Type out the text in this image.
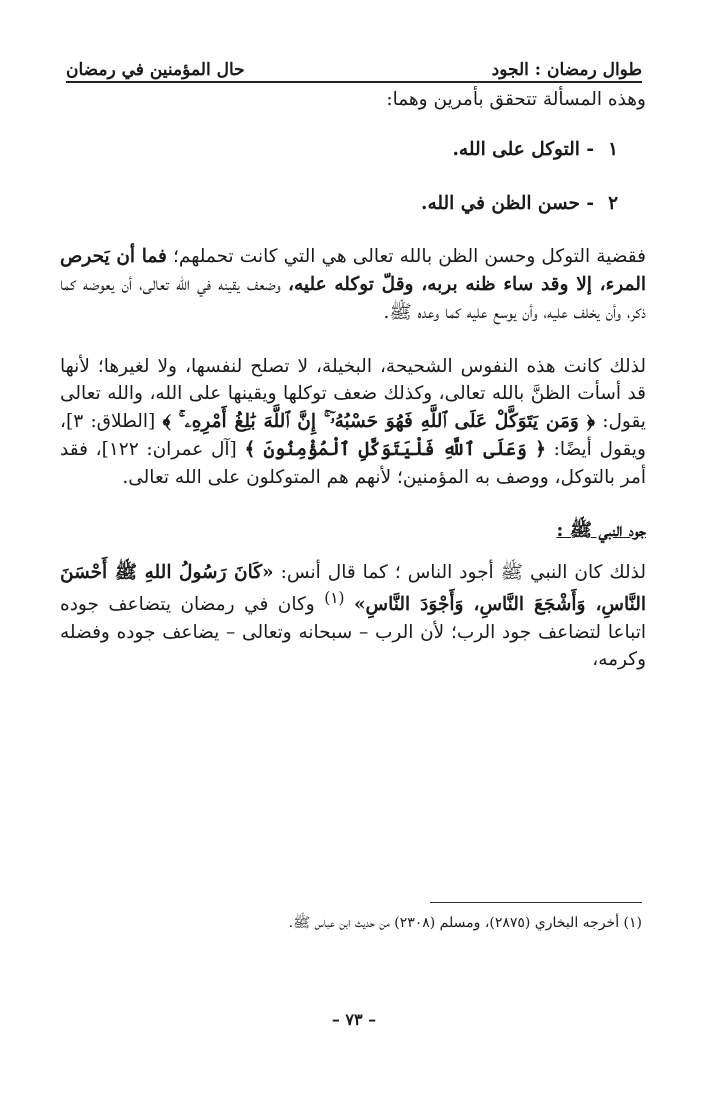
طوال رمضان : الجود
حال المؤمنين في رمضان

وهذه المسألة تتحقق بأمرين وهما:

١
- التوكل على الله.
٢
- حسن الظن في الله.

فقضية التوكل وحسن الظن بالله تعالى هي التي كانت تحملهم؛ فما أن يَحرص المرء، إلا وقد ساء ظنه بربه، وقلّ توكله عليه، وضعف يقينه في الله تعالى، أن يعوضه كما ذكر، وأن يخلف عليه، وأن يوسع عليه كما وعده ﷺ.

لذلك كانت هذه النفوس الشحيحة، البخيلة، لا تصلح لنفسها، ولا لغيرها؛ لأنها قد أسأت الظنَّ بالله تعالى، وكذلك ضعف توكلها ويقينها على الله، والله تعالى يقول: ﴿ وَمَن يَتَوَكَّلْ عَلَى ٱللَّهِ فَهُوَ حَسْبُهُۥٓ ۚ إِنَّ ٱللَّهَ بَٰلِغُ أَمْرِهِۦ ۚ ﴾ [الطلاق: ٣]، ويقول أيضًا: ﴿ وَعَلَى ٱللَّهِ فَلْيَتَوَكَّلِ ٱلْمُؤْمِنُونَ ﴾ [آل عمران: ١٢٢]، فقد أمر بالتوكل، ووصف به المؤمنين؛ لأنهم هم المتوكلون على الله تعالى.

جود النبي ﷺ :

لذلك كان النبي ﷺ أجود الناس ؛ كما قال أنس: «كَانَ رَسُولُ اللهِ ﷺ أَحْسَنَ النَّاسِ، وَأَشْجَعَ النَّاسِ، وَأَجْوَدَ النَّاسِ» $^{(١)}$ وكان في رمضان يتضاعف جوده اتباعا لتضاعف جود الرب؛ لأن الرب – سبحانه وتعالى – يضاعف جوده وفضله وكرمه،

(١) أخرجه البخاري (٢٨٧٥)، ومسلم (٢٣٠٨) من حديث ابن عباس ﷺ.
– ٧٣ –
